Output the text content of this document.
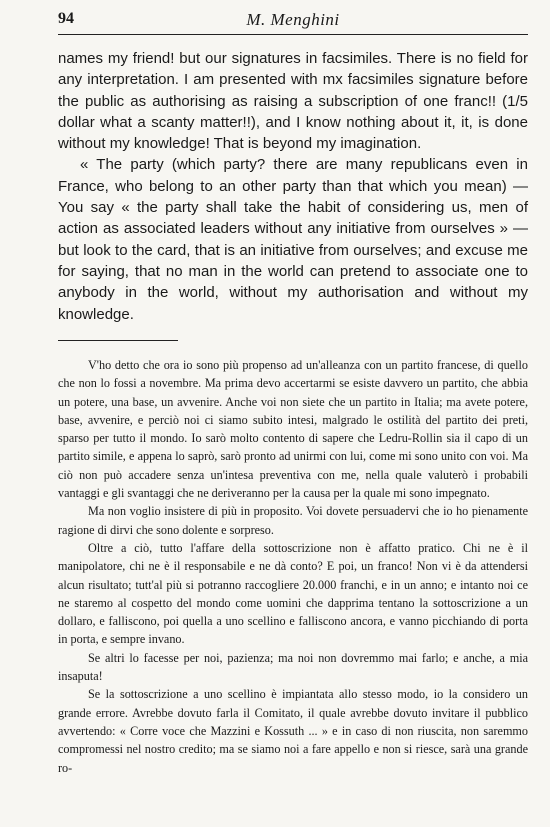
94	M. Menghini

names my friend! but our signatures in facsimiles. There is no field for any interpretation. I am presented with mx facsimiles signature before the public as authorising as raising a subscription of one franc!! (1/5 dollar what a scanty matter!!), and I know nothing about it, it, is done without my knowledge! That is beyond my imagination.

« The party (which party? there are many republicans even in France, who belong to an other party than that which you mean) — You say « the party shall take the habit of considering us, men of action as associated leaders without any initiative from ourselves » — but look to the card, that is an initiative from ourselves; and excuse me for saying, that no man in the world can pretend to associate one to anybody in the world, without my authorisation and without my knowledge.

V'ho detto che ora io sono più propenso ad un'alleanza con un partito francese, di quello che non lo fossi a novembre. Ma prima devo accertarmi se esiste davvero un partito, che abbia un potere, una base, un avvenire. Anche voi non siete che un partito in Italia; ma avete potere, base, avvenire, e perciò noi ci siamo subito intesi, malgrado le ostilità del partito dei preti, sparso per tutto il mondo. Io sarò molto contento di sapere che Ledru-Rollin sia il capo di un partito simile, e appena lo saprò, sarò pronto ad unirmi con lui, come mi sono unito con voi. Ma ciò non può accadere senza un'intesa preventiva con me, nella quale valuterò i probabili vantaggi e gli svantaggi che ne deriveranno per la causa per la quale mi sono impegnato.

Ma non voglio insistere di più in proposito. Voi dovete persuadervi che io ho pienamente ragione di dirvi che sono dolente e sorpreso.

Oltre a ciò, tutto l'affare della sottoscrizione non è affatto pratico. Chi ne è il manipolatore, chi ne è il responsabile e ne dà conto? E poi, un franco! Non vi è da attendersi alcun risultato; tutt'al più si potranno raccogliere 20.000 franchi, e in un anno; e intanto noi ce ne staremo al cospetto del mondo come uomini che dapprima tentano la sottoscrizione a un dollaro, e falliscono, poi quella a uno scellino e falliscono ancora, e vanno picchiando di porta in porta, e sempre invano.

Se altri lo facesse per noi, pazienza; ma noi non dovremmo mai farlo; e anche, a mia insaputa!

Se la sottoscrizione a uno scellino è impiantata allo stesso modo, io la considero un grande errore. Avrebbe dovuto farla il Comitato, il quale avrebbe dovuto invitare il pubblico avvertendo: « Corre voce che Mazzini e Kossuth ... » e in caso di non riuscita, non saremmo compromessi nel nostro credito; ma se siamo noi a fare appello e non si riesce, sarà una grande ro-
